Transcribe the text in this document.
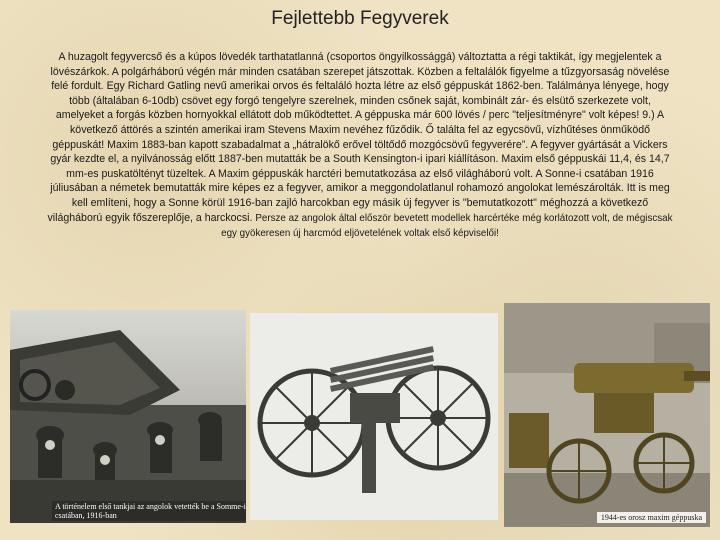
Fejlettebb Fegyverek
A huzagolt fegyvercső és a kúpos lövedék tarthatatlanná (csoportos öngyilkossággá) változtatta a régi taktikát, így megjelentek a lövészárkok. A polgárháború végén már minden csatában szerepet játszottak. Közben a feltalálók figyelme a tűzgyorsaság növelése felé fordult. Egy Richard Gatling nevű amerikai orvos és feltaláló hozta létre az első géppuskát 1862-ben. Találmánya lényege, hogy több (általában 6-10db) csövet egy forgó tengelyre szerelnek, minden csőnek saját, kombinált zár- és elsütő szerkezete volt, amelyeket a forgás közben hornyokkal ellátott dob működtettet. A géppuska már 600 lövés / perc "teljesítményre" volt képes! 9.) A következő áttörés a szintén amerikai iram Stevens Maxim nevéhez fűződik. Ő találta fel az egycsövű, vízhűtéses önműködő géppuskát! Maxim 1883-ban kapott szabadalmat a „hátralökő erővel töltődő mozgócsövű fegyverére”. A fegyver gyártását a Vickers gyár kezdte el, a nyilvánosság előtt 1887-ben mutatták be a South Kensington-i ipari kiállításon. Maxim első géppuskái 11,4, és 14,7 mm-es puskatöltényt tüzeltek. A Maxim géppuskák harctéri bemutatkozása az első világháború volt. A Sonne-i csatában 1916 júliusában a németek bemutatták mire képes ez a fegyver, amikor a meggondolatlanul rohamozó angolokat lemészárolták. Itt is meg kell említeni, hogy a Sonne körül 1916-ban zajló harcokban egy másik új fegyver is "bemutatkozott" méghozzá a következő világháború egyik főszereplője, a harckocsi. Persze az angolok által először bevetett modellek harcértéke még korlátozott volt, de mégiscsak egy gyökeresen új harcmód eljövetelének voltak első képviselői!
A történelem első tankjai az angolok vetették be a Somme-i csatában, 1916-ban	1944-es orosz maxim géppuska
